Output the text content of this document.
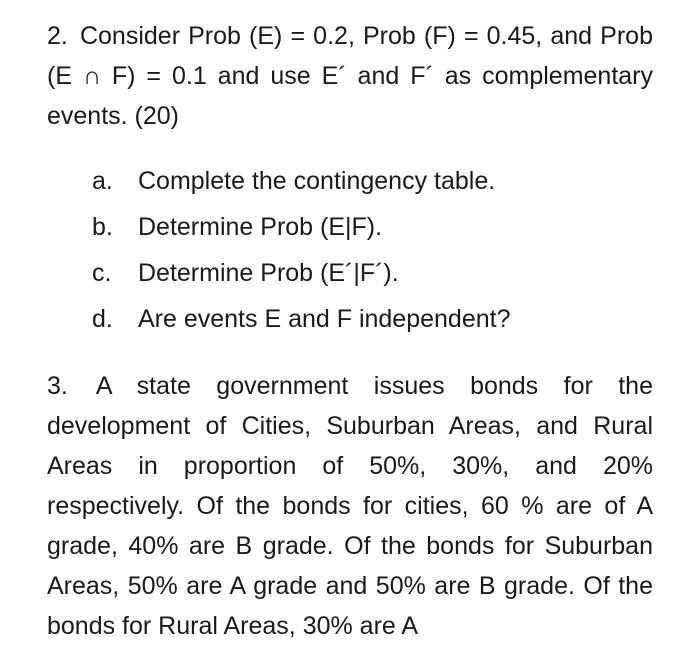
2. Consider Prob (E) = 0.2, Prob (F) = 0.45, and Prob (E ∩ F) = 0.1 and use E´ and F´ as complementary events. (20)

a. Complete the contingency table.
b. Determine Prob (E|F).
c. Determine Prob (E´|F´).
d. Are events E and F independent?

3. A state government issues bonds for the development of Cities, Suburban Areas, and Rural Areas in proportion of 50%, 30%, and 20% respectively. Of the bonds for cities, 60 % are of A grade, 40% are B grade. Of the bonds for Suburban Areas, 50% are A grade and 50% are B grade. Of the bonds for Rural Areas, 30% are A
